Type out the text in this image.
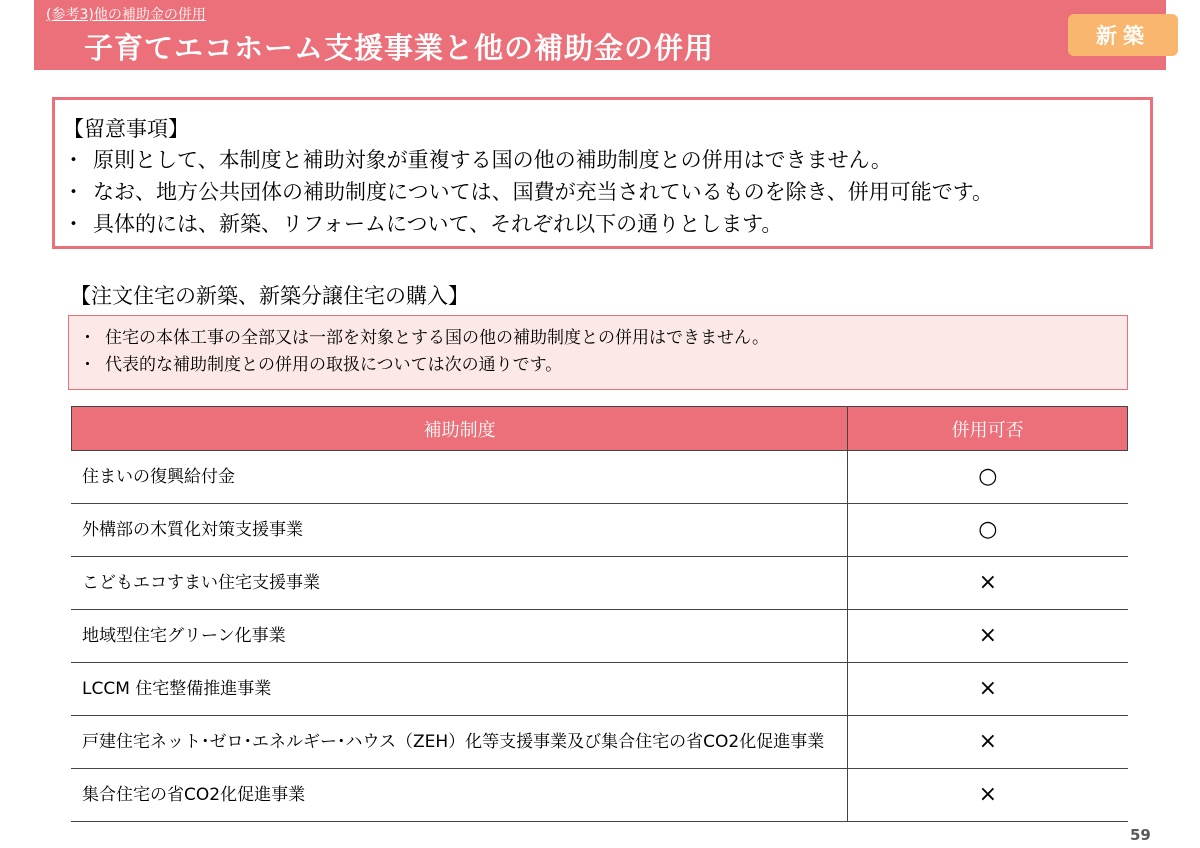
(参考3)他の補助金の併用
子育てエコホーム支援事業と他の補助金の併用	新築
【留意事項】
・ 原則として、本制度と補助対象が重複する国の他の補助制度との併用はできません。
・ なお、地方公共団体の補助制度については、国費が充当されているものを除き、併用可能です。
・ 具体的には、新築、リフォームについて、それぞれ以下の通りとします。
【注文住宅の新築、新築分譲住宅の購入】
・ 住宅の本体工事の全部又は一部を対象とする国の他の補助制度との併用はできません。
・ 代表的な補助制度との併用の取扱については次の通りです。
補助制度	併用可否
住まいの復興給付金	○
外構部の木質化対策支援事業	○
こどもエコすまい住宅支援事業	×
地域型住宅グリーン化事業	×
LCCM 住宅整備推進事業	×
戸建住宅ネット･ゼロ･エネルギー･ハウス（ZEH）化等支援事業及び集合住宅の省CO2化促進事業	×
集合住宅の省CO2化促進事業	×
59
